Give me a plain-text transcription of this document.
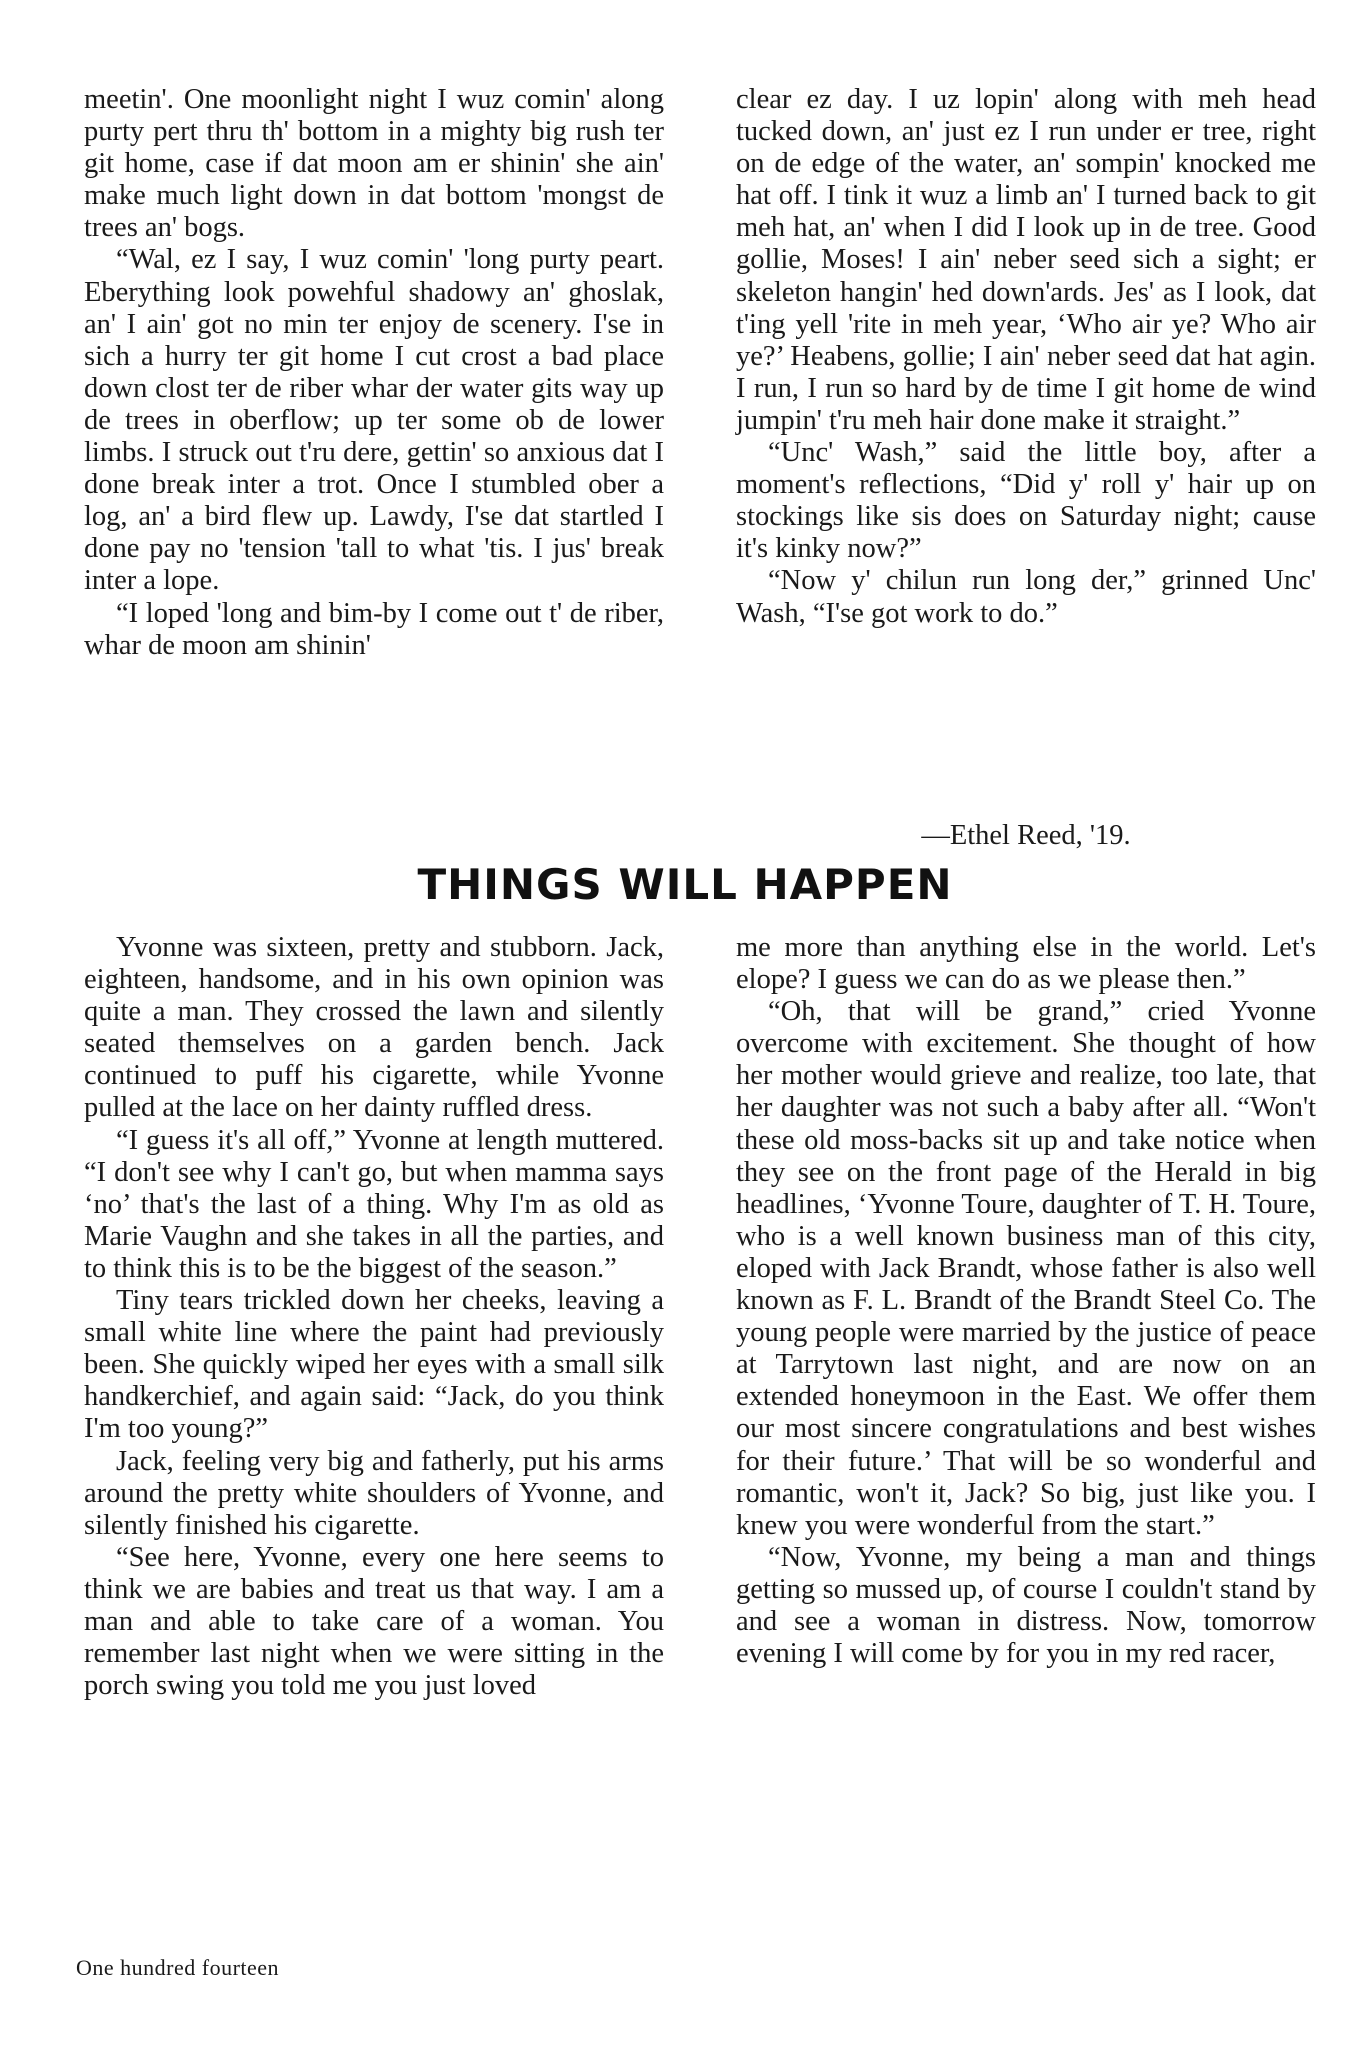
meetin'. One moonlight night I wuz comin' along purty pert thru th' bottom in a mighty big rush ter git home, case if dat moon am er shinin' she ain' make much light down in dat bottom 'mongst de trees an' bogs.

“Wal, ez I say, I wuz comin' 'long purty peart. Eberything look powehful shadowy an' ghoslak, an' I ain' got no min ter enjoy de scenery. I'se in sich a hurry ter git home I cut crost a bad place down clost ter de riber whar der water gits way up de trees in oberflow; up ter some ob de lower limbs. I struck out t'ru dere, gettin' so anxious dat I done break inter a trot. Once I stumbled ober a log, an' a bird flew up. Lawdy, I'se dat startled I done pay no 'tension 'tall to what 'tis. I jus' break inter a lope.

“I loped 'long and bim-by I come out t' de riber, whar de moon am shinin'

clear ez day. I uz lopin' along with meh head tucked down, an' just ez I run under er tree, right on de edge of the water, an' sompin' knocked me hat off. I tink it wuz a limb an' I turned back to git meh hat, an' when I did I look up in de tree. Good gollie, Moses! I ain' neber seed sich a sight; er skeleton hangin' hed down'ards. Jes' as I look, dat t'ing yell 'rite in meh year, ‘Who air ye? Who air ye?’ Heabens, gollie; I ain' neber seed dat hat agin. I run, I run so hard by de time I git home de wind jumpin' t'ru meh hair done make it straight.”

“Unc' Wash,” said the little boy, after a moment's reflections, “Did y' roll y' hair up on stockings like sis does on Saturday night; cause it's kinky now?”

“Now y' chilun run long der,” grinned Unc' Wash, “I'se got work to do.”

—Ethel Reed, '19.
THINGS WILL HAPPEN

Yvonne was sixteen, pretty and stubborn. Jack, eighteen, handsome, and in his own opinion was quite a man. They crossed the lawn and silently seated themselves on a garden bench. Jack continued to puff his cigarette, while Yvonne pulled at the lace on her dainty ruffled dress.

“I guess it's all off,” Yvonne at length muttered. “I don't see why I can't go, but when mamma says ‘no’ that's the last of a thing. Why I'm as old as Marie Vaughn and she takes in all the parties, and to think this is to be the biggest of the season.”

Tiny tears trickled down her cheeks, leaving a small white line where the paint had previously been. She quickly wiped her eyes with a small silk handkerchief, and again said: “Jack, do you think I'm too young?”

Jack, feeling very big and fatherly, put his arms around the pretty white shoulders of Yvonne, and silently finished his cigarette.

“See here, Yvonne, every one here seems to think we are babies and treat us that way. I am a man and able to take care of a woman. You remember last night when we were sitting in the porch swing you told me you just loved

me more than anything else in the world. Let's elope? I guess we can do as we please then.”

“Oh, that will be grand,” cried Yvonne overcome with excitement. She thought of how her mother would grieve and realize, too late, that her daughter was not such a baby after all. “Won't these old moss-backs sit up and take notice when they see on the front page of the Herald in big headlines, ‘Yvonne Toure, daughter of T. H. Toure, who is a well known business man of this city, eloped with Jack Brandt, whose father is also well known as F. L. Brandt of the Brandt Steel Co. The young people were married by the justice of peace at Tarrytown last night, and are now on an extended honeymoon in the East. We offer them our most sincere congratulations and best wishes for their future.’ That will be so wonderful and romantic, won't it, Jack? So big, just like you. I knew you were wonderful from the start.”

“Now, Yvonne, my being a man and things getting so mussed up, of course I couldn't stand by and see a woman in distress. Now, tomorrow evening I will come by for you in my red racer,

One hundred fourteen
